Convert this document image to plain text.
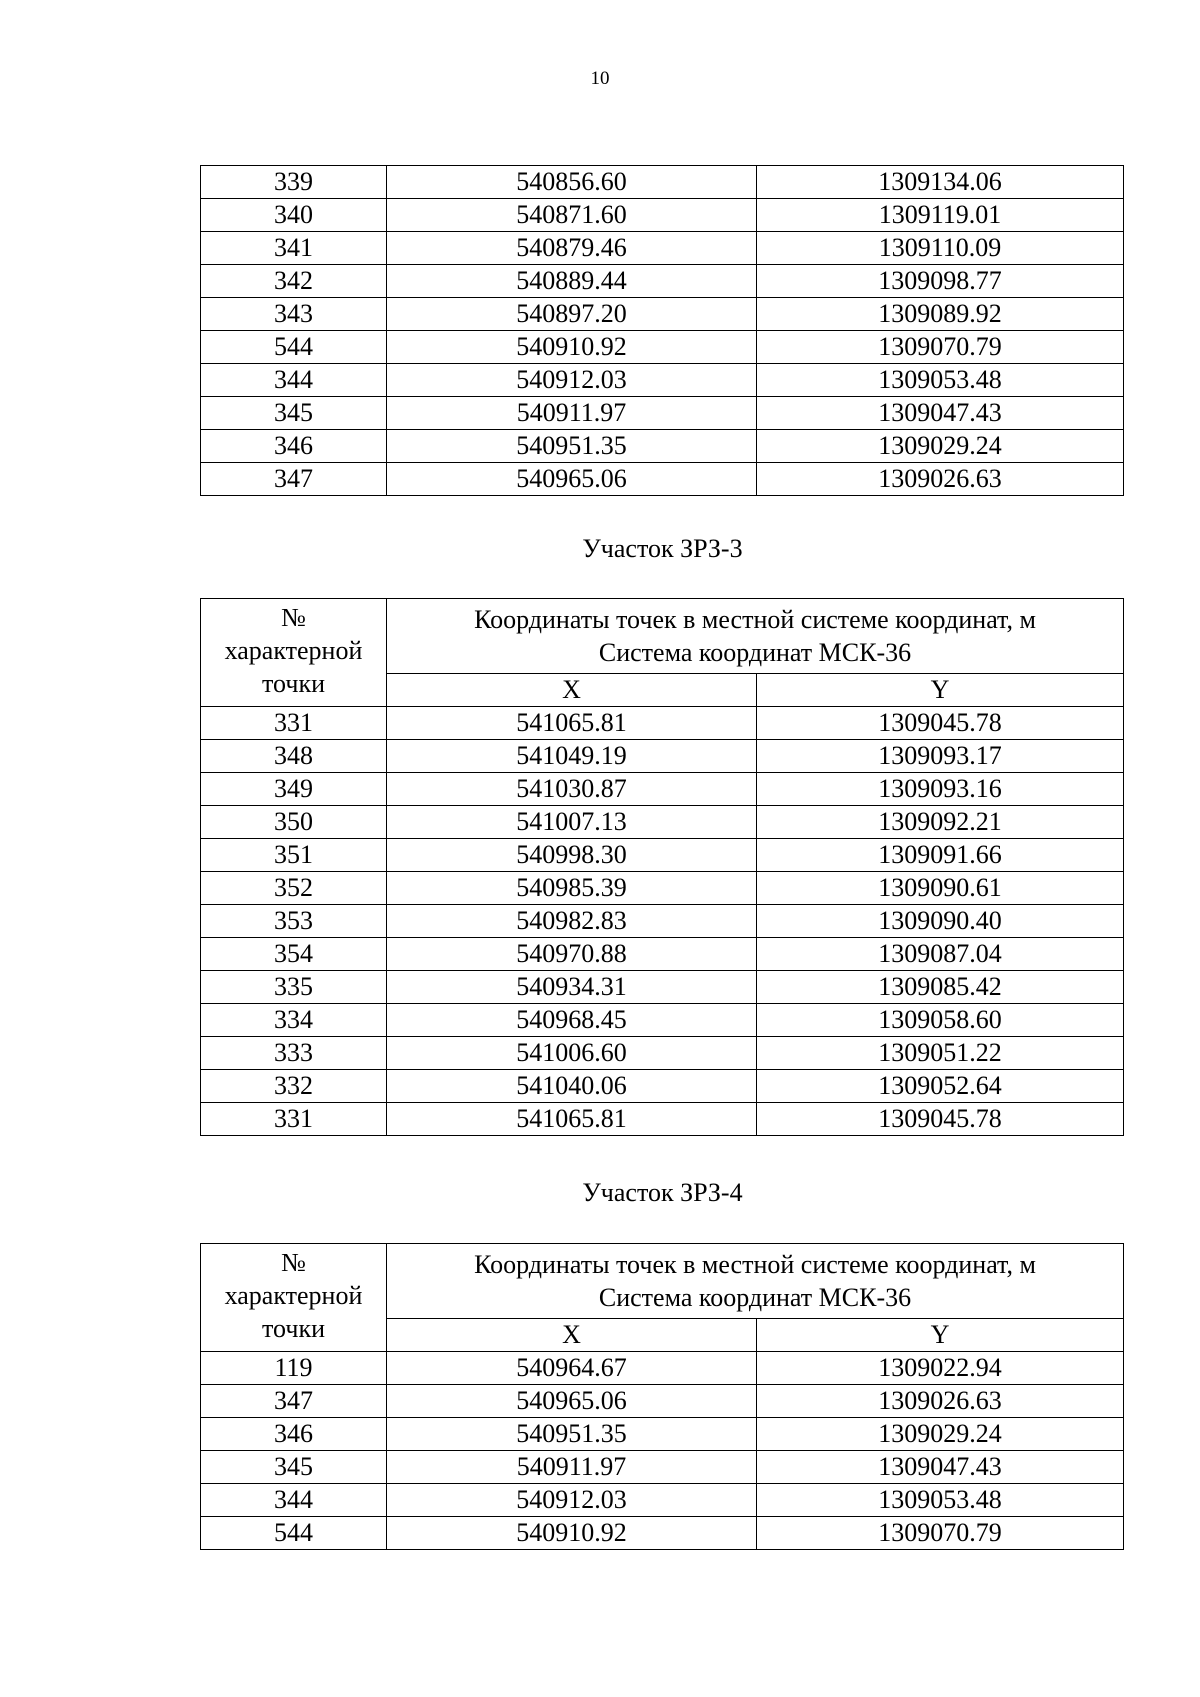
10
339	540856.60	1309134.06
340	540871.60	1309119.01
341	540879.46	1309110.09
342	540889.44	1309098.77
343	540897.20	1309089.92
544	540910.92	1309070.79
344	540912.03	1309053.48
345	540911.97	1309047.43
346	540951.35	1309029.24
347	540965.06	1309026.63
Участок ЗРЗ-3
№
характерной
точки	Координаты точек в местной системе координат, м
Система координат МСК-36	
	X	Y
331	541065.81	1309045.78
348	541049.19	1309093.17
349	541030.87	1309093.16
350	541007.13	1309092.21
351	540998.30	1309091.66
352	540985.39	1309090.61
353	540982.83	1309090.40
354	540970.88	1309087.04
335	540934.31	1309085.42
334	540968.45	1309058.60
333	541006.60	1309051.22
332	541040.06	1309052.64
331	541065.81	1309045.78
Участок ЗРЗ-4
№
характерной
точки	Координаты точек в местной системе координат, м
Система координат МСК-36	
	X	Y
119	540964.67	1309022.94
347	540965.06	1309026.63
346	540951.35	1309029.24
345	540911.97	1309047.43
344	540912.03	1309053.48
544	540910.92	1309070.79
